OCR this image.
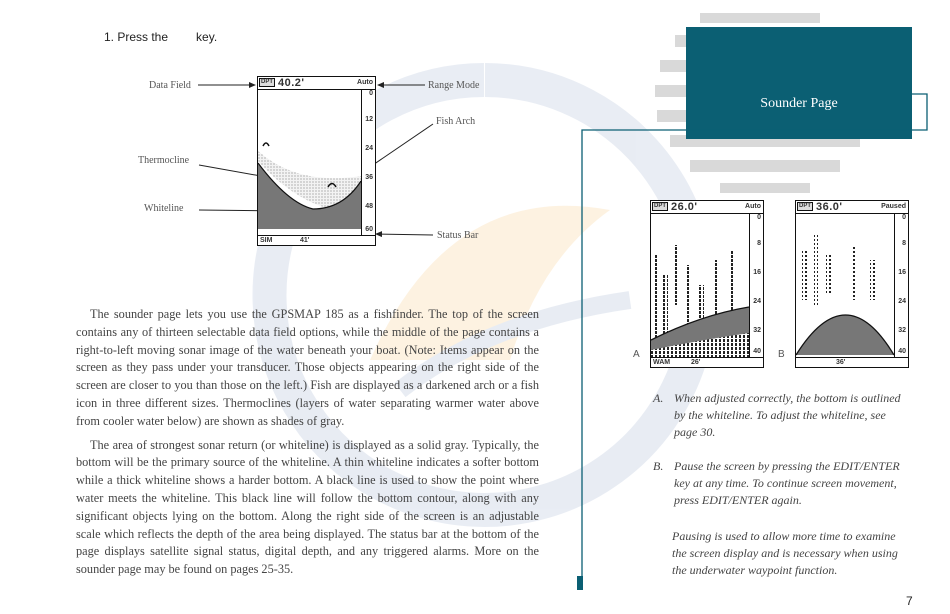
1. Press the key.
Data Field	Range Mode
Fish Arch
Thermocline
Whiteline
Status Bar
DPT 40.2'	Auto
0
12
24
36
48
60
SIM	41'

The sounder page lets you use the GPSMAP 185 as a fishfinder. The top of the screen contains any of thirteen selectable data field options, while the middle of the page contains a right-to-left moving sonar image of the water beneath your boat. (Note: Items appear on the screen as they pass under your transducer. Those objects appearing on the right side of the screen are closer to you than those on the left.) Fish are displayed as a darkened arch or a fish icon in three different sizes. Thermoclines (layers of water separating warmer water above from cooler water below) are shown as shades of gray.

The area of strongest sonar return (or whiteline) is displayed as a solid gray. Typically, the bottom will be the primary source of the whiteline. A thin whiteline indicates a softer bottom while a thick whiteline shows a harder bottom. A black line is used to show the point where water meets the whiteline. This black line will follow the bottom contour, along with any significant objects lying on the bottom. Along the right side of the screen is an adjustable scale which reflects the depth of the area being displayed. The status bar at the bottom of the page displays satellite signal status, digital depth, and any triggered alarms. More on the sounder page may be found on pages 25-35.

Sounder Page
A
DPT 26.0'	Auto
0
8
16
24
32
40
WAM	26'
B
DPT 36.0'	Paused
0
8
16
24
32
40
36'
A. When adjusted correctly, the bottom is outlined by the whiteline. To adjust the whiteline, see page 30.
B. Pause the screen by pressing the EDIT/ENTER key at any time. To continue screen movement, press EDIT/ENTER again.
Pausing is used to allow more time to examine the screen display and is necessary when using the underwater waypoint function.
7
